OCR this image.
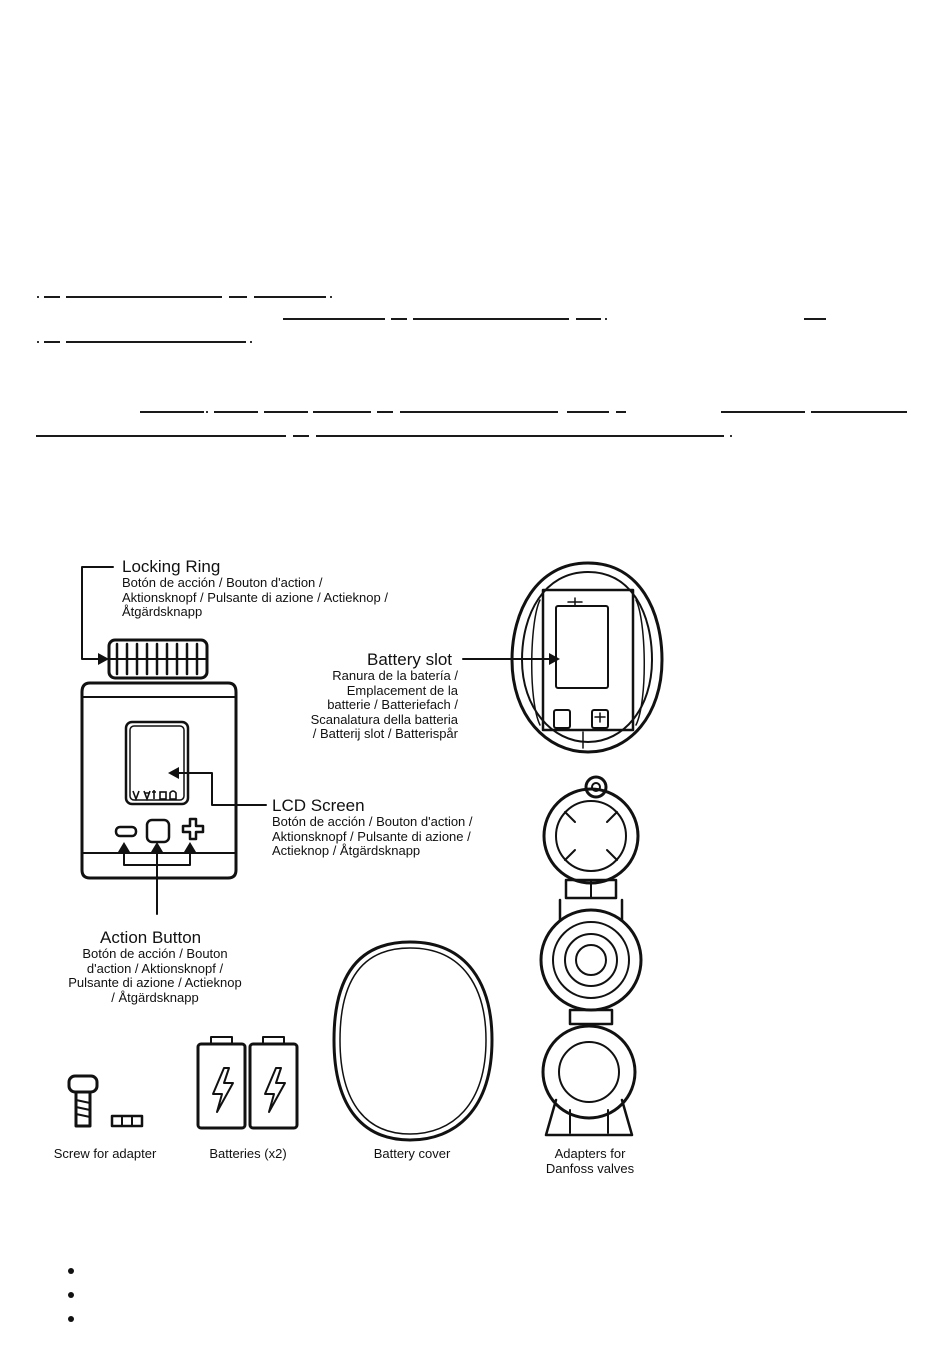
Locking Ring
Botón de acción / Bouton d'action /
Aktionsknopf / Pulsante di azione / Actieknop /
Åtgärdsknapp
Battery slot
Ranura de la batería /
Emplacement de la
batterie / Batteriefach /
Scanalatura della batteria
/ Batterij slot / Batterispår
LCD Screen
Botón de acción / Bouton d'action /
Aktionsknopf / Pulsante di azione /
Actieknop / Åtgärdsknapp
Action Button
Botón de acción / Bouton
d'action / Aktionsknopf /
Pulsante di azione / Actieknop
/ Åtgärdsknapp
Screw for adapter	Batteries (x2)	Battery cover	Adapters for
Danfoss valves
